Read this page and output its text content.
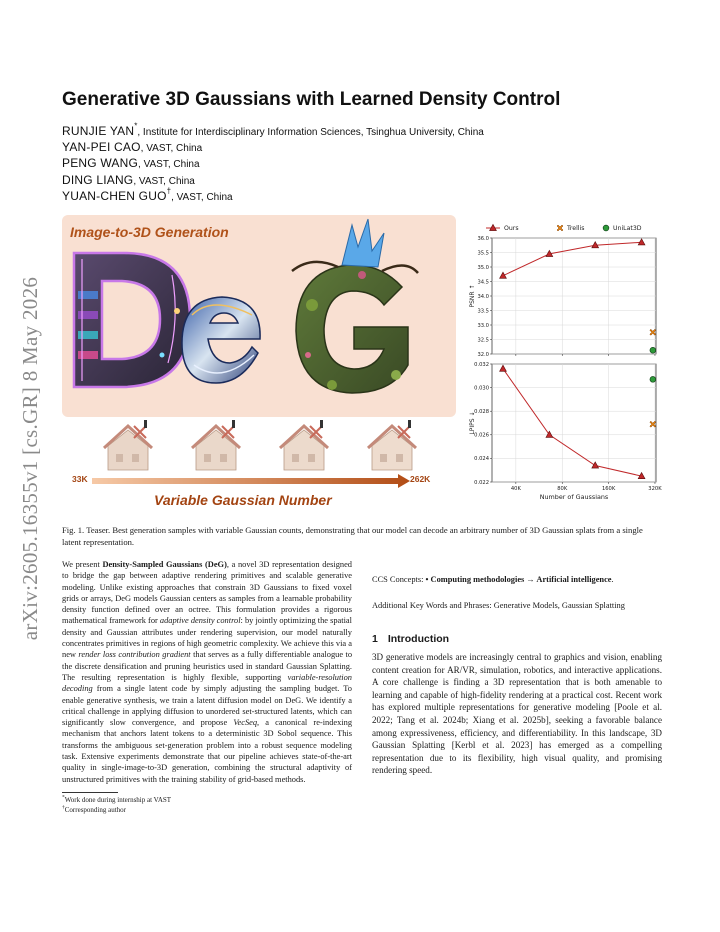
arXiv:2605.16355v1 [cs.GR] 8 May 2026
Generative 3D Gaussians with Learned Density Control
RUNJIE YAN*, Institute for Interdisciplinary Information Sciences, Tsinghua University, China
YAN-PEI CAO, VAST, China
PENG WANG, VAST, China
DING LIANG, VAST, China
YUAN-CHEN GUO†, VAST, China
Image-to-3D Generation
33K	262K
Variable Gaussian Number
Ours	Trellis	UniLat3D
32.0
32.5
33.0
33.5
34.0
34.5
35.0
35.5
36.0
PSNR ↑
0.022
0.024
0.026
0.028
0.030
0.032
40K	80K	160K	320K
LPIPS ↓
Number of Gaussians
Fig. 1. Teaser. Best generation samples with variable Gaussian counts, demonstrating that our model can decode an arbitrary number of 3D Gaussian splats from a single latent representation.

We present Density-Sampled Gaussians (DeG), a novel 3D representation designed to bridge the gap between adaptive rendering primitives and scalable generative modeling. Unlike existing approaches that constrain 3D Gaussians to fixed voxel grids or arrays, DeG models Gaussian centers as samples from a learnable probability density function defined over an octree. This formulation provides a rigorous mathematical framework for adaptive density control: by jointly optimizing the spatial density and Gaussian attributes under rendering supervision, our model naturally concentrates primitives in regions of high geometric complexity. We achieve this via a new render loss contribution gradient that serves as a fully differentiable analogue to the discrete densification and pruning heuristics used in standard Gaussian Splatting. The resulting representation is highly flexible, supporting variable-resolution decoding from a single latent code by simply adjusting the sampling budget. To enable generative synthesis, we train a latent diffusion model on DeG. We identify a critical challenge in applying diffusion to unordered set-structured latents, which can significantly slow convergence, and propose VecSeq, a canonical re-indexing mechanism that anchors latent tokens to a deterministic 3D Sobol sequence. This transforms the ambiguous set-generation problem into a robust sequence modeling task. Extensive experiments demonstrate that our pipeline achieves state-of-the-art quality in single-image-to-3D generation, combining the structural adaptivity of unstructured primitives with the training stability of grid-based methods.

CCS Concepts: • Computing methodologies → Artificial intelligence.

Additional Key Words and Phrases: Generative Models, Gaussian Splatting

1 Introduction

3D generative models are increasingly central to graphics and vision, enabling content creation for AR/VR, simulation, robotics, and interactive applications. A core challenge is finding a 3D representation that is both amenable to learning and capable of high-fidelity rendering at a practical cost. Recent work has explored multiple representations for generative modeling [Poole et al. 2022; Tang et al. 2024b; Xiang et al. 2025b], seeking a favorable balance among expressiveness, efficiency, and differentiability. In this landscape, 3D Gaussian Splatting [Kerbl et al. 2023] has emerged as a compelling representation due to its flexibility, high visual quality, and promising rendering speed.

*Work done during internship at VAST
†Corresponding author
